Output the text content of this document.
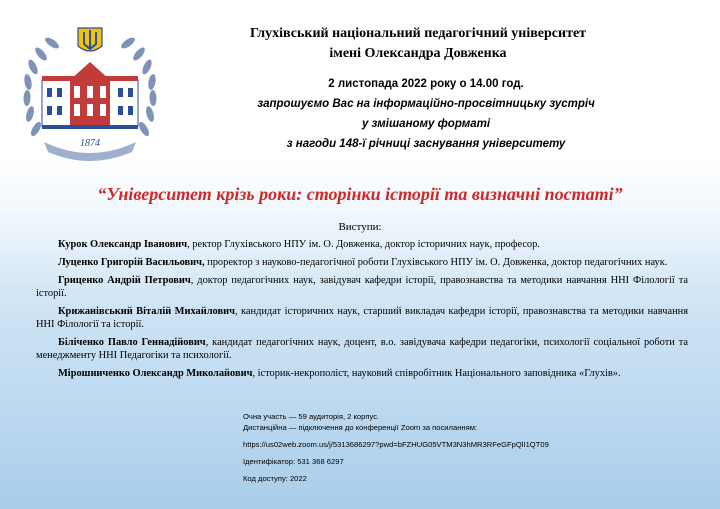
1874
Глухівський національний педагогічний університет
імені Олександра Довженка
2 листопада 2022 року о 14.00 год.
запрошуємо Вас на інформаційно-просвітницьку зустріч
у змішаному форматі
з нагоди 148-ї річниці заснування університету
“Університет крізь роки: сторінки історії та визначні постаті”
Виступи:

Курок Олександр Іванович, ректор Глухівського НПУ ім. О. Довженка, доктор історичних наук, професор.

Луценко Григорій Васильович, проректор з науково-педагогічної роботи Глухівського НПУ ім. О. Довженка, доктор педагогічних наук.

Гриценко Андрій Петрович, доктор педагогічних наук, завідувач кафедри історії, правознавства та методики навчання ННІ Філології та історії.

Крижанівський Віталій Михайлович, кандидат історичних наук, старший викладач кафедри історії, правознавства та методики навчання ННІ Філології та історії.

Біліченко Павло Геннадійович, кандидат педагогічних наук, доцент, в.о. завідувача кафедри педагогіки, психології соціальної роботи та менеджменту ННІ Педагогіки та психології.

Мірошниченко Олександр Миколайович, історик-некрополіст, науковий співробітник Національного заповідника «Глухів».

Очна участь — 59 аудиторія, 2 корпус.
Дистанційна — підключення до конференції Zoom за посиланням:
https://us02web.zoom.us/j/5313686297?pwd=bFZHUG05VTM3N3hMR3RFeGFpQlI1QT09
Ідентифікатор: 531 368 6297
Код доступу: 2022
